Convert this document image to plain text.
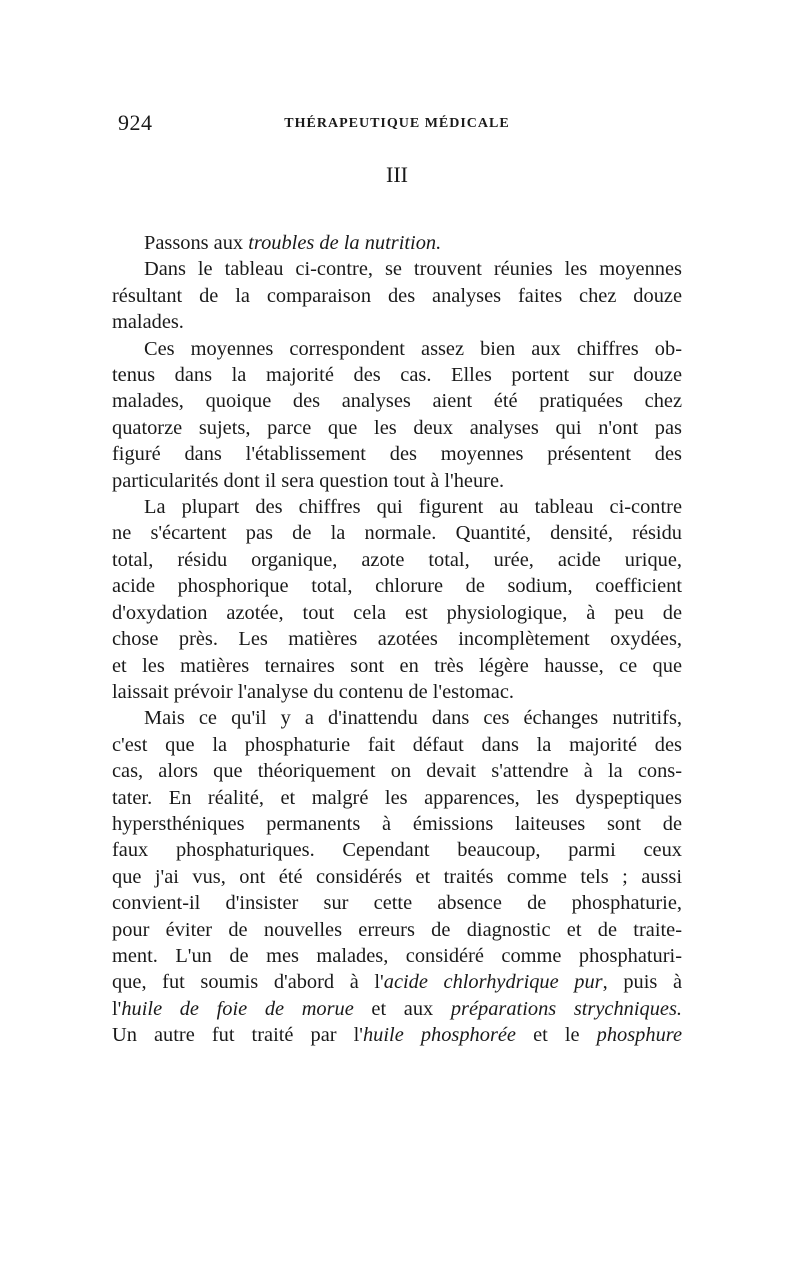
924	THÉRAPEUTIQUE MÉDICALE
III
Passons aux troubles de la nutrition.
Dans le tableau ci-contre, se trouvent réunies les moyennes
résultant de la comparaison des analyses faites chez douze
malades.
Ces moyennes correspondent assez bien aux chiffres ob-
tenus dans la majorité des cas. Elles portent sur douze
malades, quoique des analyses aient été pratiquées chez
quatorze sujets, parce que les deux analyses qui n'ont pas
figuré dans l'établissement des moyennes présentent des
particularités dont il sera question tout à l'heure.
La plupart des chiffres qui figurent au tableau ci-contre
ne s'écartent pas de la normale. Quantité, densité, résidu
total, résidu organique, azote total, urée, acide urique,
acide phosphorique total, chlorure de sodium, coefficient
d'oxydation azotée, tout cela est physiologique, à peu de
chose près. Les matières azotées incomplètement oxydées,
et les matières ternaires sont en très légère hausse, ce que
laissait prévoir l'analyse du contenu de l'estomac.
Mais ce qu'il y a d'inattendu dans ces échanges nutritifs,
c'est que la phosphaturie fait défaut dans la majorité des
cas, alors que théoriquement on devait s'attendre à la cons-
tater. En réalité, et malgré les apparences, les dyspeptiques
hypersthéniques permanents à émissions laiteuses sont de
faux phosphaturiques. Cependant beaucoup, parmi ceux
que j'ai vus, ont été considérés et traités comme tels ; aussi
convient-il d'insister sur cette absence de phosphaturie,
pour éviter de nouvelles erreurs de diagnostic et de traite-
ment. L'un de mes malades, considéré comme phosphaturi-
que, fut soumis d'abord à l'acide chlorhydrique pur, puis à
l'huile de foie de morue et aux préparations strychniques.
Un autre fut traité par l'huile phosphorée et le phosphure
